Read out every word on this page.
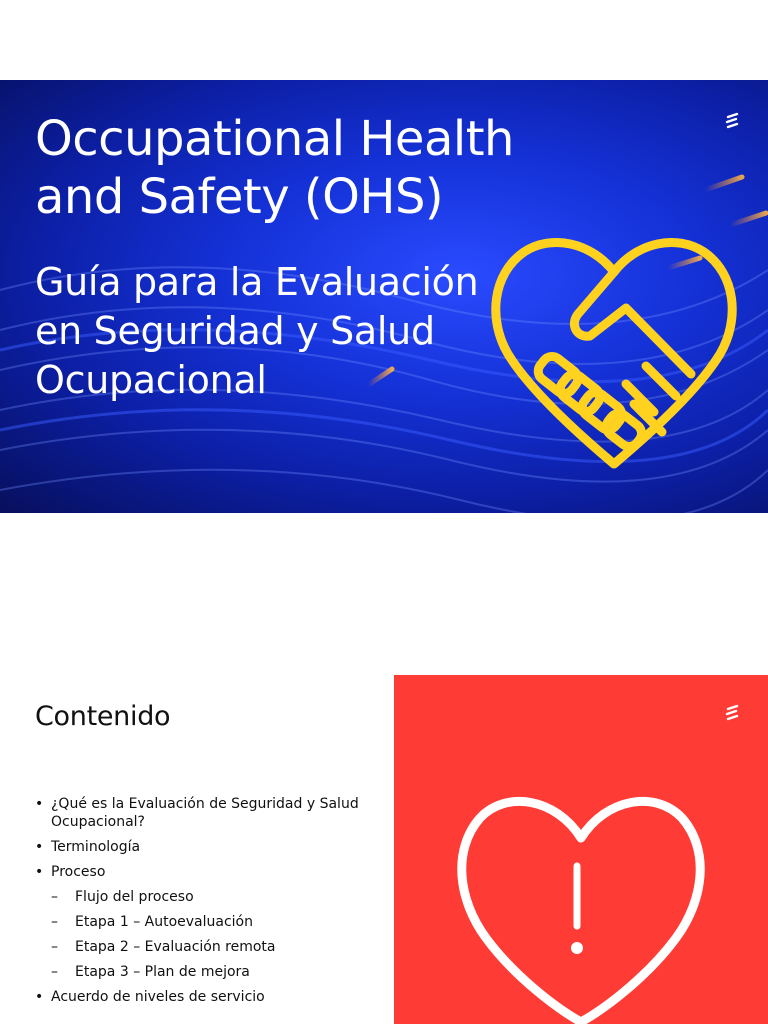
Occupational Health
and Safety (OHS)
Guía para la Evaluación
en Seguridad y Salud
Ocupacional
Contenido
• ¿Qué es la Evaluación de Seguridad y Salud
Ocupacional?
• Terminología
• Proceso
– Flujo del proceso
– Etapa 1 – Autoevaluación
– Etapa 2 – Evaluación remota
– Etapa 3 – Plan de mejora
• Acuerdo de niveles de servicio
